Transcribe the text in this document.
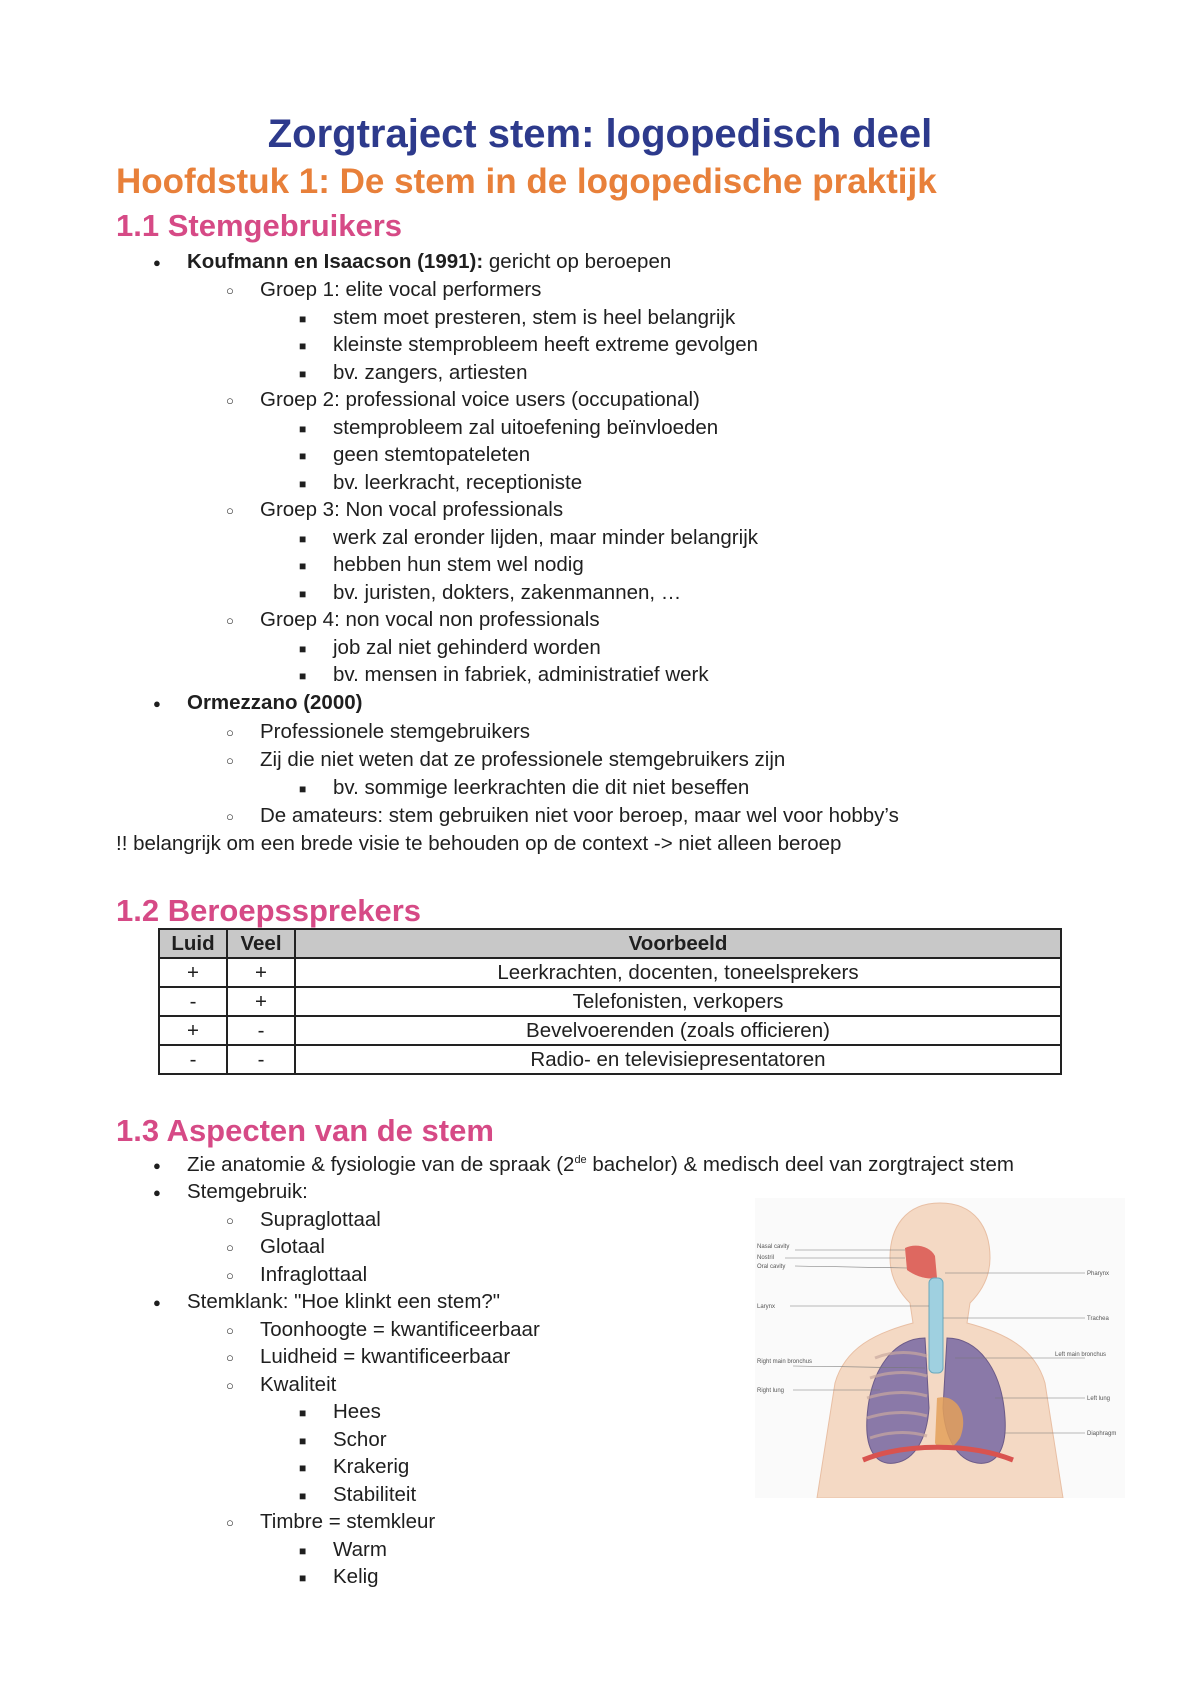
Zorgtraject stem: logopedisch deel
Hoofdstuk 1: De stem in de logopedische praktijk
1.1 Stemgebruikers
● Koufmann en Isaacson (1991): gericht op beroepen
○ Groep 1: elite vocal performers
■ stem moet presteren, stem is heel belangrijk
■ kleinste stemprobleem heeft extreme gevolgen
■ bv. zangers, artiesten
○ Groep 2: professional voice users (occupational)
■ stemprobleem zal uitoefening beïnvloeden
■ geen stemtopateleten
■ bv. leerkracht, receptioniste
○ Groep 3: Non vocal professionals
■ werk zal eronder lijden, maar minder belangrijk
■ hebben hun stem wel nodig
■ bv. juristen, dokters, zakenmannen, …
○ Groep 4: non vocal non professionals
■ job zal niet gehinderd worden
■ bv. mensen in fabriek, administratief werk
● Ormezzano (2000)
○ Professionele stemgebruikers
○ Zij die niet weten dat ze professionele stemgebruikers zijn
■ bv. sommige leerkrachten die dit niet beseffen
○ De amateurs: stem gebruiken niet voor beroep, maar wel voor hobby’s
!! belangrijk om een brede visie te behouden op de context -> niet alleen beroep
1.2 Beroepssprekers
Luid	Veel	Voorbeeld
+	+	Leerkrachten, docenten, toneelsprekers
-	+	Telefonisten, verkopers
+	-	Bevelvoerenden (zoals officieren)
-	-	Radio- en televisiepresentatoren
1.3 Aspecten van de stem
● Zie anatomie & fysiologie van de spraak (2de bachelor) & medisch deel van zorgtraject stem
● Stemgebruik:
○ Supraglottaal
○ Glotaal
○ Infraglottaal
● Stemklank: "Hoe klinkt een stem?"
○ Toonhoogte = kwantificeerbaar
○ Luidheid = kwantificeerbaar
○ Kwaliteit
■ Hees
■ Schor
■ Krakerig
■ Stabiliteit
○ Timbre = stemkleur
■ Warm
■ Kelig
Nasal cavity
Nostril
Oral cavity
Larynx
Right main bronchus
Right lung
Pharynx
Trachea
Left main bronchus
Left lung
Diaphragm
